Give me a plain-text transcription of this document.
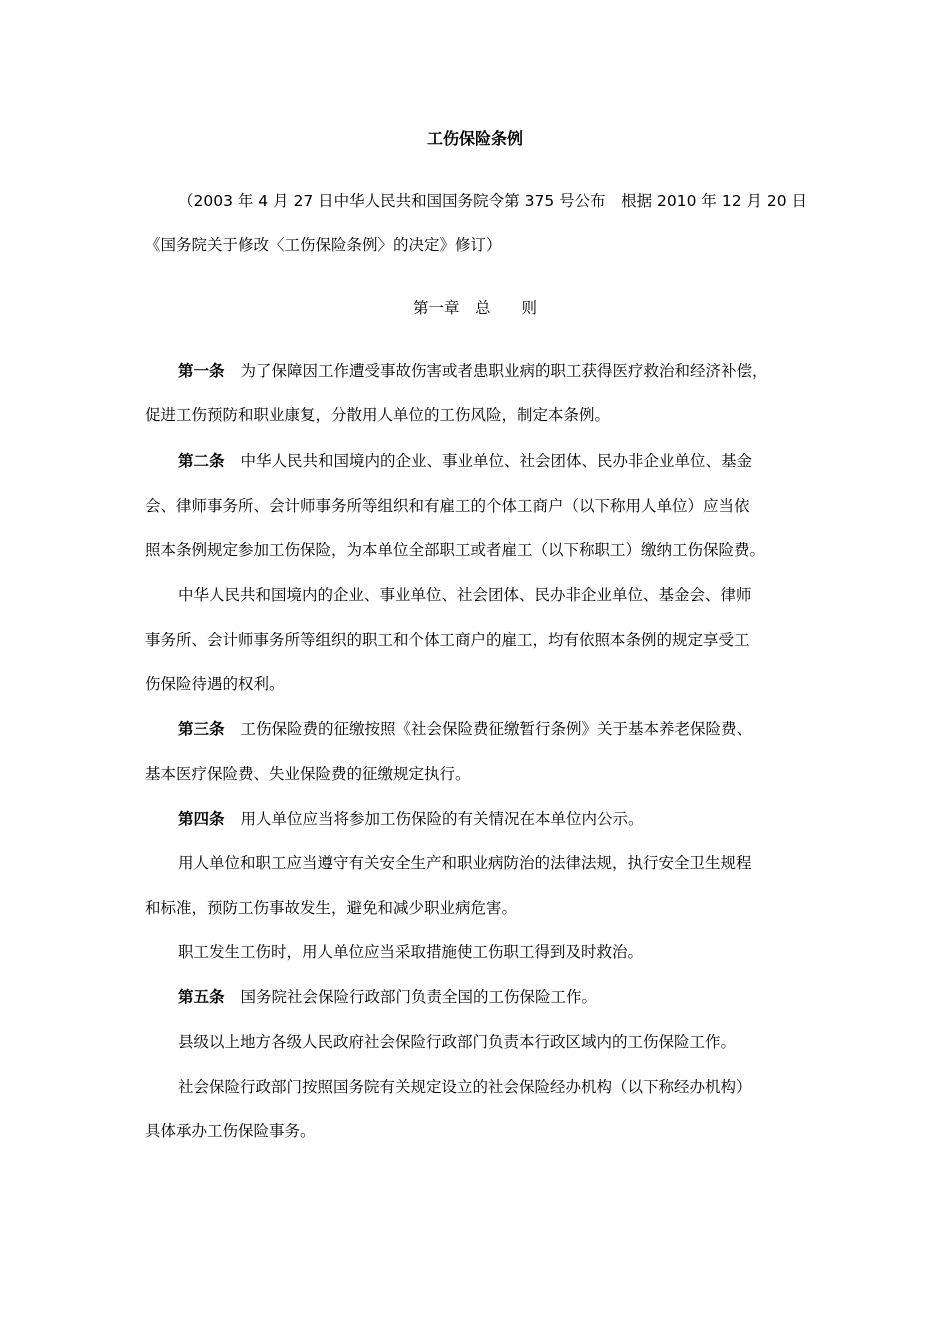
工伤保险条例
（2003 年 4 月 27 日中华人民共和国国务院令第 375 号公布　根据 2010 年 12 月 20 日
《国务院关于修改〈工伤保险条例〉的决定》修订）
第一章　总　　则
第一条 为了保障因工作遭受事故伤害或者患职业病的职工获得医疗救治和经济补偿，
促进工伤预防和职业康复，分散用人单位的工伤风险，制定本条例。
第二条 中华人民共和国境内的企业、事业单位、社会团体、民办非企业单位、基金
会、律师事务所、会计师事务所等组织和有雇工的个体工商户（以下称用人单位）应当依
照本条例规定参加工伤保险，为本单位全部职工或者雇工（以下称职工）缴纳工伤保险费。
中华人民共和国境内的企业、事业单位、社会团体、民办非企业单位、基金会、律师
事务所、会计师事务所等组织的职工和个体工商户的雇工，均有依照本条例的规定享受工
伤保险待遇的权利。
第三条 工伤保险费的征缴按照《社会保险费征缴暂行条例》关于基本养老保险费、
基本医疗保险费、失业保险费的征缴规定执行。
第四条 用人单位应当将参加工伤保险的有关情况在本单位内公示。
用人单位和职工应当遵守有关安全生产和职业病防治的法律法规，执行安全卫生规程
和标准，预防工伤事故发生，避免和减少职业病危害。
职工发生工伤时，用人单位应当采取措施使工伤职工得到及时救治。
第五条 国务院社会保险行政部门负责全国的工伤保险工作。
县级以上地方各级人民政府社会保险行政部门负责本行政区域内的工伤保险工作。
社会保险行政部门按照国务院有关规定设立的社会保险经办机构（以下称经办机构）
具体承办工伤保险事务。
